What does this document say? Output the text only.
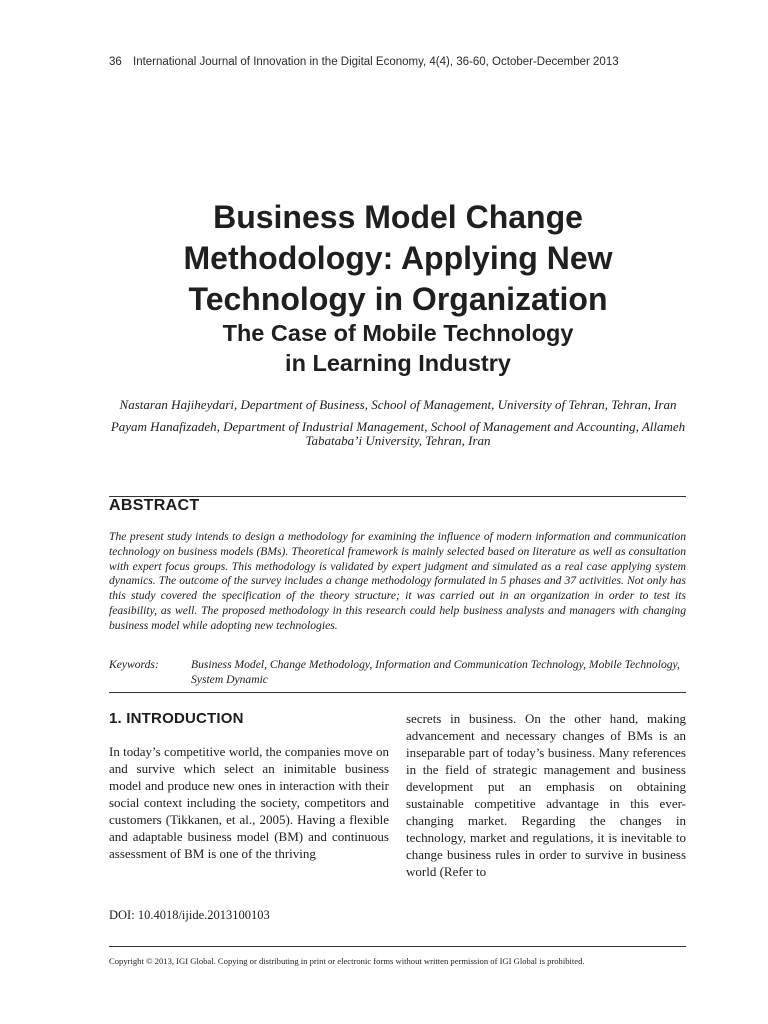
36 International Journal of Innovation in the Digital Economy, 4(4), 36-60, October-December 2013
Business Model Change
Methodology: Applying New
Technology in Organization
The Case of Mobile Technology
in Learning Industry

Nastaran Hajiheydari, Department of Business, School of Management, University of Tehran, Tehran, Iran

Payam Hanafizadeh, Department of Industrial Management, School of Management and Accounting, Allameh Tabataba’i University, Tehran, Iran

ABSTRACT

The present study intends to design a methodology for examining the influence of modern information and communication technology on business models (BMs). Theoretical framework is mainly selected based on literature as well as consultation with expert focus groups. This methodology is validated by expert judgment and simulated as a real case applying system dynamics. The outcome of the survey includes a change methodology formulated in 5 phases and 37 activities. Not only has this study covered the specification of the theory structure; it was carried out in an organization in order to test its feasibility, as well. The proposed methodology in this research could help business analysts and managers with changing business model while adopting new technologies.

Keywords:	Business Model, Change Methodology, Information and Communication Technology, Mobile Technology, System Dynamic
1. INTRODUCTION

In today’s competitive world, the companies move on and survive which select an inimitable business model and produce new ones in interaction with their social context including the society, competitors and customers (Tikkanen, et al., 2005). Having a flexible and adaptable business model (BM) and continuous assessment of BM is one of the thriving

secrets in business. On the other hand, making advancement and necessary changes of BMs is an inseparable part of today’s business. Many references in the field of strategic management and business development put an emphasis on obtaining sustainable competitive advantage in this ever-changing market. Regarding the changes in technology, market and regulations, it is inevitable to change business rules in order to survive in business world (Refer to

DOI: 10.4018/ijide.2013100103
Copyright © 2013, IGI Global. Copying or distributing in print or electronic forms without written permission of IGI Global is prohibited.
